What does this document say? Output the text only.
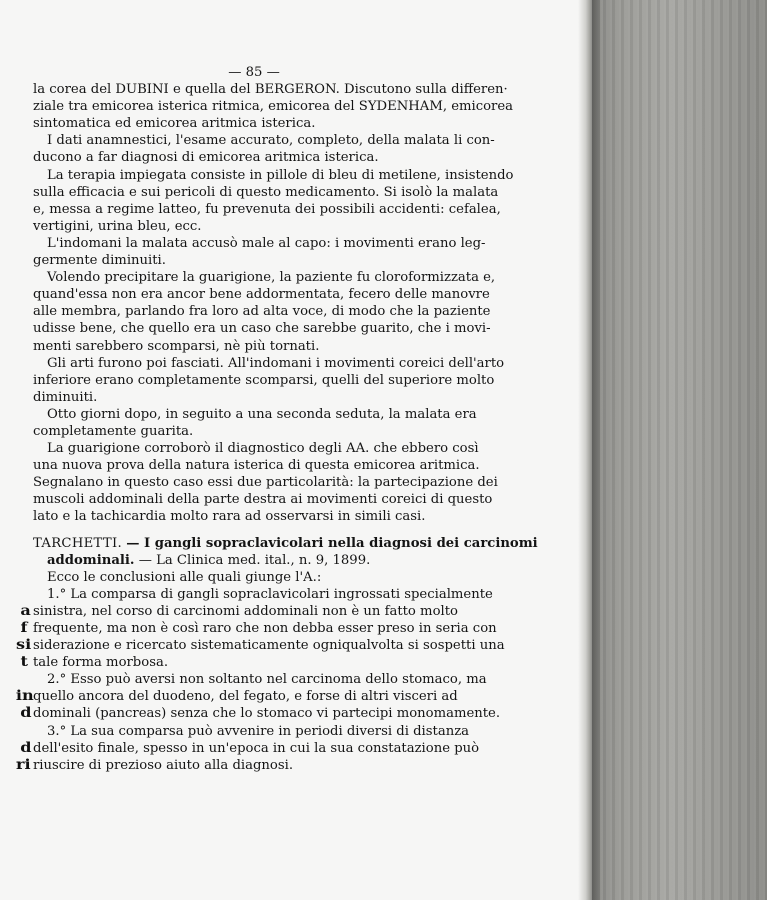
— 85 —
la corea del DUBINI e quella del BERGERON. Discutono sulla differen·
ziale tra emicorea isterica ritmica, emicorea del SYDENHAM, emicorea
sintomatica ed emicorea aritmica isterica.
I dati anamnestici, l'esame accurato, completo, della malata li con-
ducono a far diagnosi di emicorea aritmica isterica.
La terapia impiegata consiste in pillole di bleu di metilene, insistendo
sulla efficacia e sui pericoli di questo medicamento. Si isolò la malata
e, messa a regime latteo, fu prevenuta dei possibili accidenti: cefalea,
vertigini, urina bleu, ecc.
L'indomani la malata accusò male al capo: i movimenti erano leg-
germente diminuiti.
Volendo precipitare la guarigione, la paziente fu cloroformizzata e,
quand'essa non era ancor bene addormentata, fecero delle manovre
alle membra, parlando fra loro ad alta voce, di modo che la paziente
udisse bene, che quello era un caso che sarebbe guarito, che i movi-
menti sarebbero scomparsi, nè più tornati.
Gli arti furono poi fasciati. All'indomani i movimenti coreici dell'arto
inferiore erano completamente scomparsi, quelli del superiore molto
diminuiti.
Otto giorni dopo, in seguito a una seconda seduta, la malata era
completamente guarita.
La guarigione corroborò il diagnostico degli AA. che ebbero così
una nuova prova della natura isterica di questa emicorea aritmica.
Segnalano in questo caso essi due particolarità: la partecipazione dei
muscoli addominali della parte destra ai movimenti coreici di questo
lato e la tachicardia molto rara ad osservarsi in simili casi.
TARCHETTI. — I gangli sopraclavicolari nella diagnosi dei carcinomi
addominali. — La Clinica med. ital., n. 9, 1899.
Ecco le conclusioni alle quali giunge l'A.:
1.° La comparsa di gangli sopraclavicolari ingrossati specialmente
a sinistra, nel corso di carcinomi addominali non è un fatto molto
f frequente, ma non è così raro che non debba esser preso in seria con
si siderazione e ricercato sistematicamente ogniqualvolta si sospetti una
t tale forma morbosa.
2.° Esso può aversi non soltanto nel carcinoma dello stomaco, ma
in quello ancora del duodeno, del fegato, e forse di altri visceri ad
d dominali (pancreas) senza che lo stomaco vi partecipi monomamente.
3.° La sua comparsa può avvenire in periodi diversi di distanza
d dell'esito finale, spesso in un'epoca in cui la sua constatazione può
ri riuscire di prezioso aiuto alla diagnosi.
